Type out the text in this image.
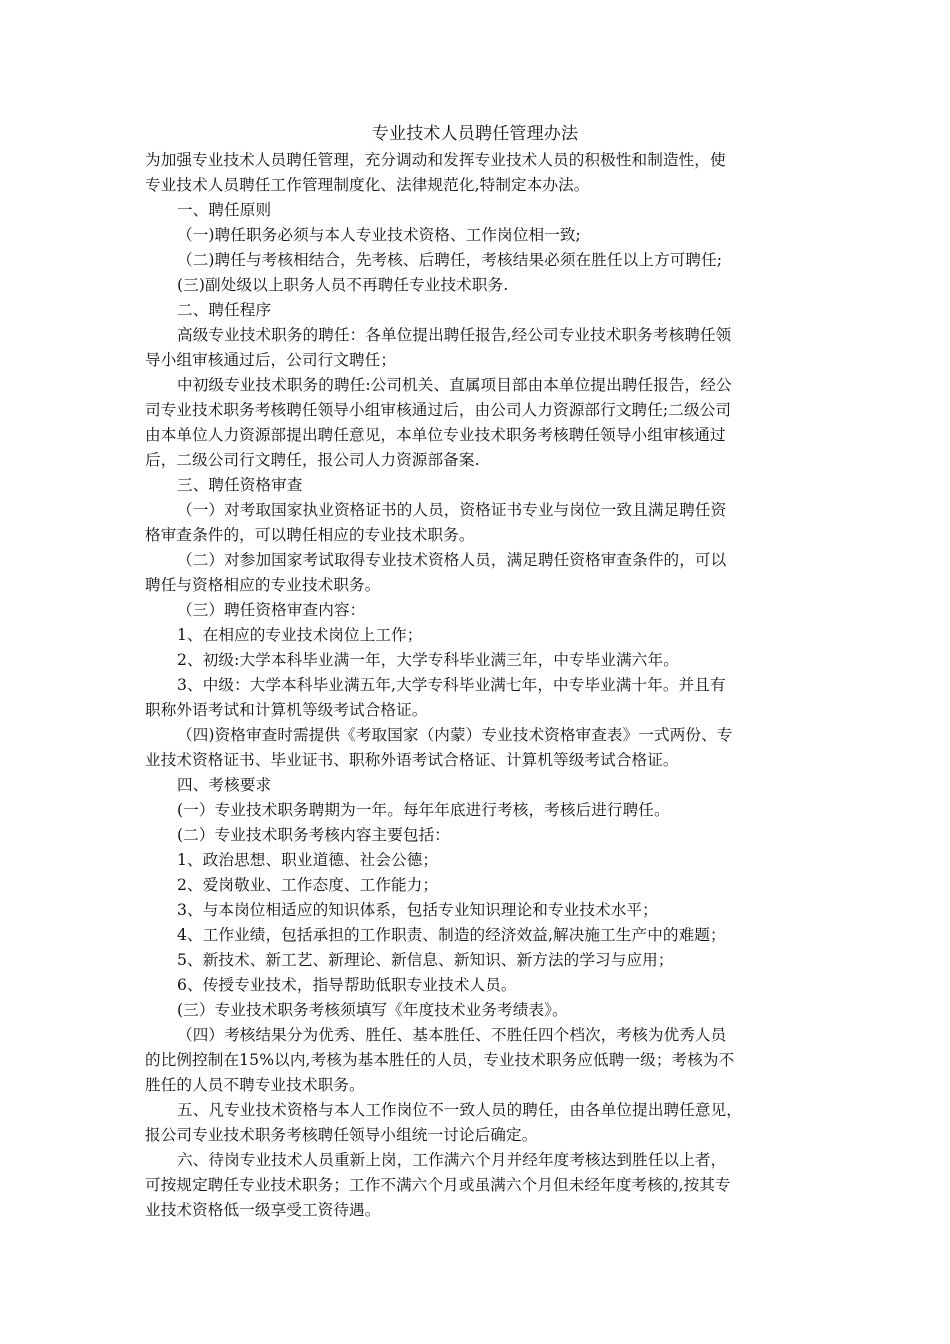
专业技术人员聘任管理办法
为加强专业技术人员聘任管理，充分调动和发挥专业技术人员的积极性和制造性，使
专业技术人员聘任工作管理制度化、法律规范化,特制定本办法。
一、聘任原则
（一)聘任职务必须与本人专业技术资格、工作岗位相一致;
（二)聘任与考核相结合，先考核、后聘任，考核结果必须在胜任以上方可聘任;
(三)副处级以上职务人员不再聘任专业技术职务.
二、聘任程序
高级专业技术职务的聘任：各单位提出聘任报告,经公司专业技术职务考核聘任领
导小组审核通过后，公司行文聘任；
中初级专业技术职务的聘任:公司机关、直属项目部由本单位提出聘任报告，经公
司专业技术职务考核聘任领导小组审核通过后，由公司人力资源部行文聘任;二级公司
由本单位人力资源部提出聘任意见，本单位专业技术职务考核聘任领导小组审核通过
后，二级公司行文聘任，报公司人力资源部备案.
三、聘任资格审查
（一）对考取国家执业资格证书的人员，资格证书专业与岗位一致且满足聘任资
格审查条件的，可以聘任相应的专业技术职务。
（二）对参加国家考试取得专业技术资格人员，满足聘任资格审查条件的，可以
聘任与资格相应的专业技术职务。
（三）聘任资格审查内容：
1、在相应的专业技术岗位上工作；
2、初级:大学本科毕业满一年，大学专科毕业满三年，中专毕业满六年。
3、中级：大学本科毕业满五年,大学专科毕业满七年，中专毕业满十年。并且有
职称外语考试和计算机等级考试合格证。
（四)资格审查时需提供《考取国家（内蒙）专业技术资格审查表》一式两份、专
业技术资格证书、毕业证书、职称外语考试合格证、计算机等级考试合格证。
四、考核要求
(一）专业技术职务聘期为一年。每年年底进行考核，考核后进行聘任。
(二）专业技术职务考核内容主要包括：
1、政治思想、职业道德、社会公德；
2、爱岗敬业、工作态度、工作能力；
3、与本岗位相适应的知识体系，包括专业知识理论和专业技术水平；
4、工作业绩，包括承担的工作职责、制造的经济效益,解决施工生产中的难题；
5、新技术、新工艺、新理论、新信息、新知识、新方法的学习与应用；
6、传授专业技术，指导帮助低职专业技术人员。
(三）专业技术职务考核须填写《年度技术业务考绩表》。
（四）考核结果分为优秀、胜任、基本胜任、不胜任四个档次，考核为优秀人员
的比例控制在15%以内,考核为基本胜任的人员，专业技术职务应低聘一级；考核为不
胜任的人员不聘专业技术职务。
五、凡专业技术资格与本人工作岗位不一致人员的聘任，由各单位提出聘任意见，
报公司专业技术职务考核聘任领导小组统一讨论后确定。
六、待岗专业技术人员重新上岗，工作满六个月并经年度考核达到胜任以上者，
可按规定聘任专业技术职务；工作不满六个月或虽满六个月但未经年度考核的,按其专
业技术资格低一级享受工资待遇。
